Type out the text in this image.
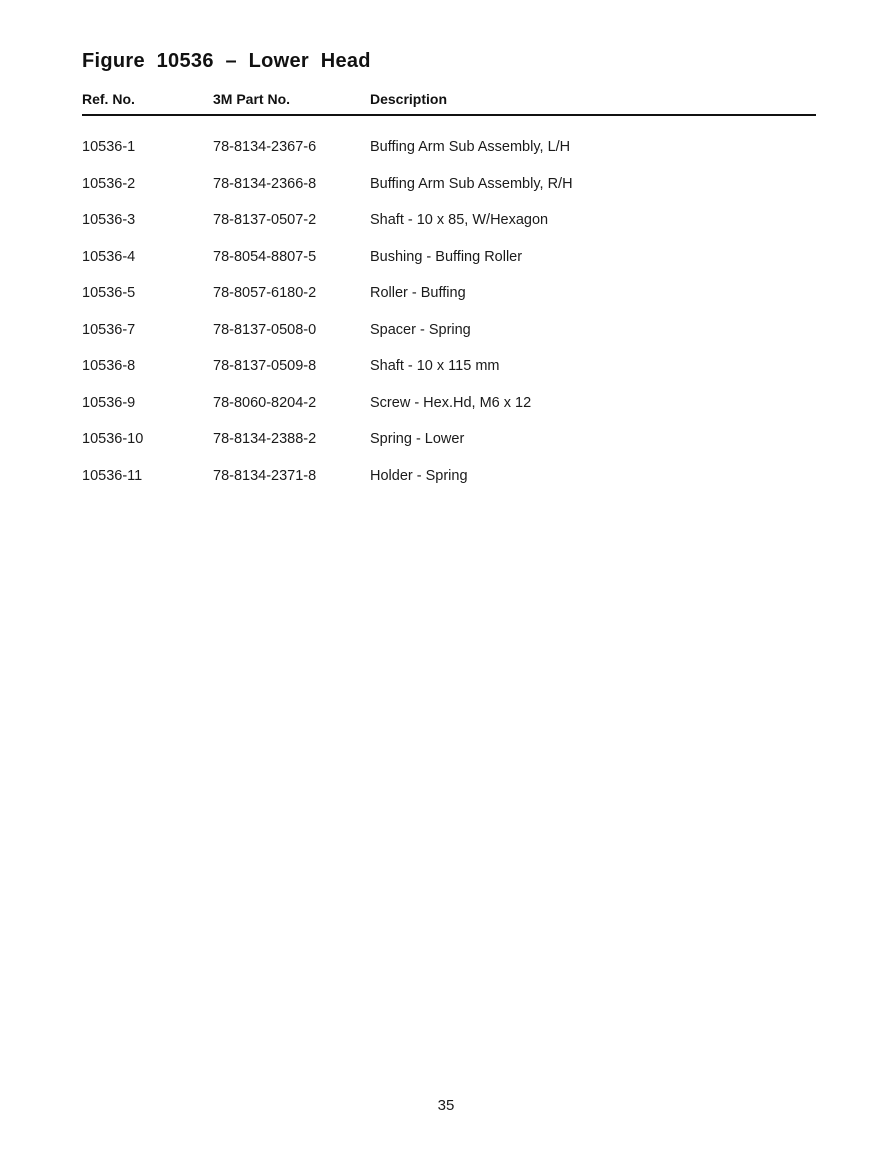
Figure  10536  –  Lower  Head
Ref. No.	3M Part No.	Description
10536-1	78-8134-2367-6	Buffing Arm Sub Assembly, L/H
10536-2	78-8134-2366-8	Buffing Arm Sub Assembly, R/H
10536-3	78-8137-0507-2	Shaft - 10 x 85, W/Hexagon
10536-4	78-8054-8807-5	Bushing - Buffing Roller
10536-5	78-8057-6180-2	Roller - Buffing
10536-7	78-8137-0508-0	Spacer - Spring
10536-8	78-8137-0509-8	Shaft - 10 x 115 mm
10536-9	78-8060-8204-2	Screw - Hex.Hd, M6 x 12
10536-10	78-8134-2388-2	Spring - Lower
10536-11	78-8134-2371-8	Holder - Spring
35
